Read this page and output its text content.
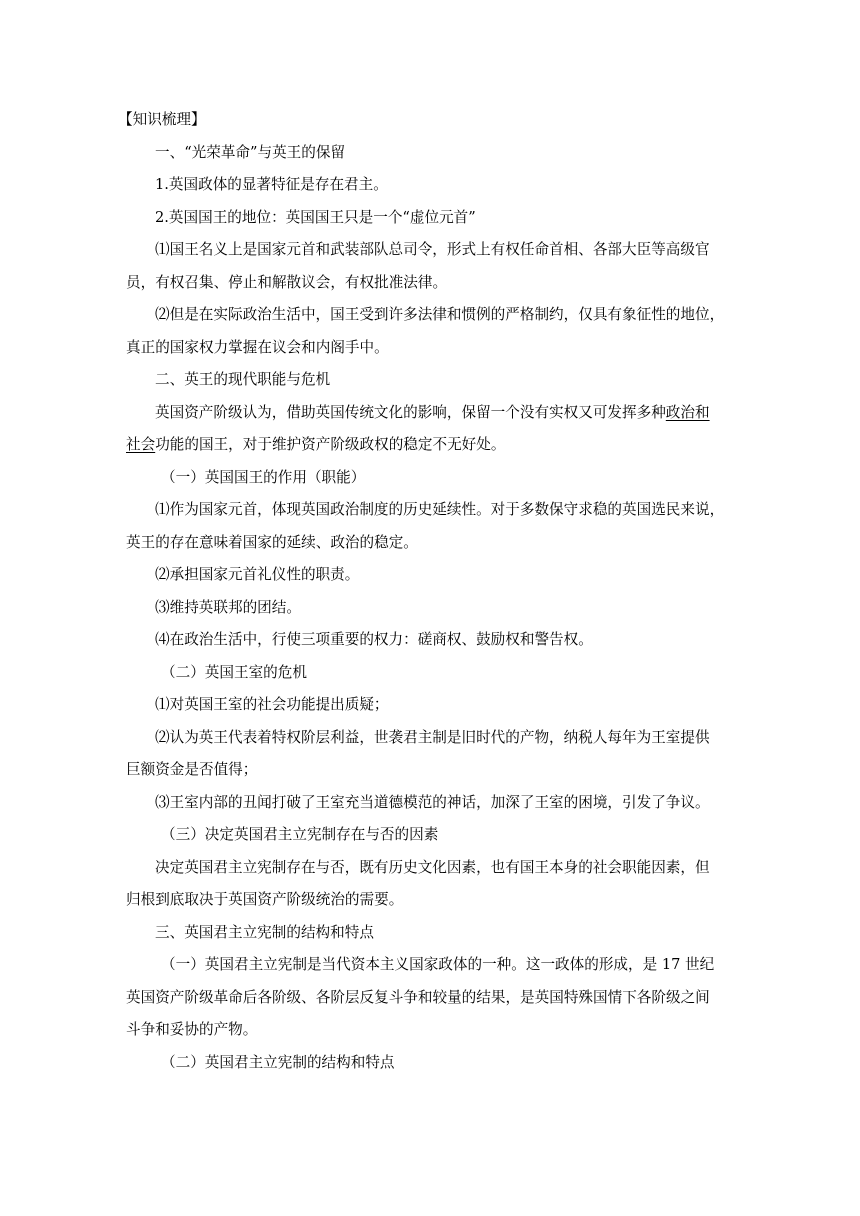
【知识梳理】

一、“光荣革命”与英王的保留

1.英国政体的显著特征是存在君主。

2.英国国王的地位：英国国王只是一个“虚位元首”

⑴国王名义上是国家元首和武装部队总司令，形式上有权任命首相、各部大臣等高级官

员，有权召集、停止和解散议会，有权批准法律。

⑵但是在实际政治生活中，国王受到许多法律和惯例的严格制约，仅具有象征性的地位，

真正的国家权力掌握在议会和内阁手中。

二、英王的现代职能与危机

英国资产阶级认为，借助英国传统文化的影响，保留一个没有实权又可发挥多种政治和

社会功能的国王，对于维护资产阶级政权的稳定不无好处。

（一）英国国王的作用（职能）

⑴作为国家元首，体现英国政治制度的历史延续性。对于多数保守求稳的英国选民来说，

英王的存在意味着国家的延续、政治的稳定。

⑵承担国家元首礼仪性的职责。

⑶维持英联邦的团结。

⑷在政治生活中，行使三项重要的权力：磋商权、鼓励权和警告权。

（二）英国王室的危机

⑴对英国王室的社会功能提出质疑；

⑵认为英王代表着特权阶层利益，世袭君主制是旧时代的产物，纳税人每年为王室提供

巨额资金是否值得；

⑶王室内部的丑闻打破了王室充当道德模范的神话，加深了王室的困境，引发了争议。

（三）决定英国君主立宪制存在与否的因素

决定英国君主立宪制存在与否，既有历史文化因素，也有国王本身的社会职能因素，但

归根到底取决于英国资产阶级统治的需要。

三、英国君主立宪制的结构和特点

（一）英国君主立宪制是当代资本主义国家政体的一种。这一政体的形成，是 17 世纪

英国资产阶级革命后各阶级、各阶层反复斗争和较量的结果，是英国特殊国情下各阶级之间

斗争和妥协的产物。

（二）英国君主立宪制的结构和特点
